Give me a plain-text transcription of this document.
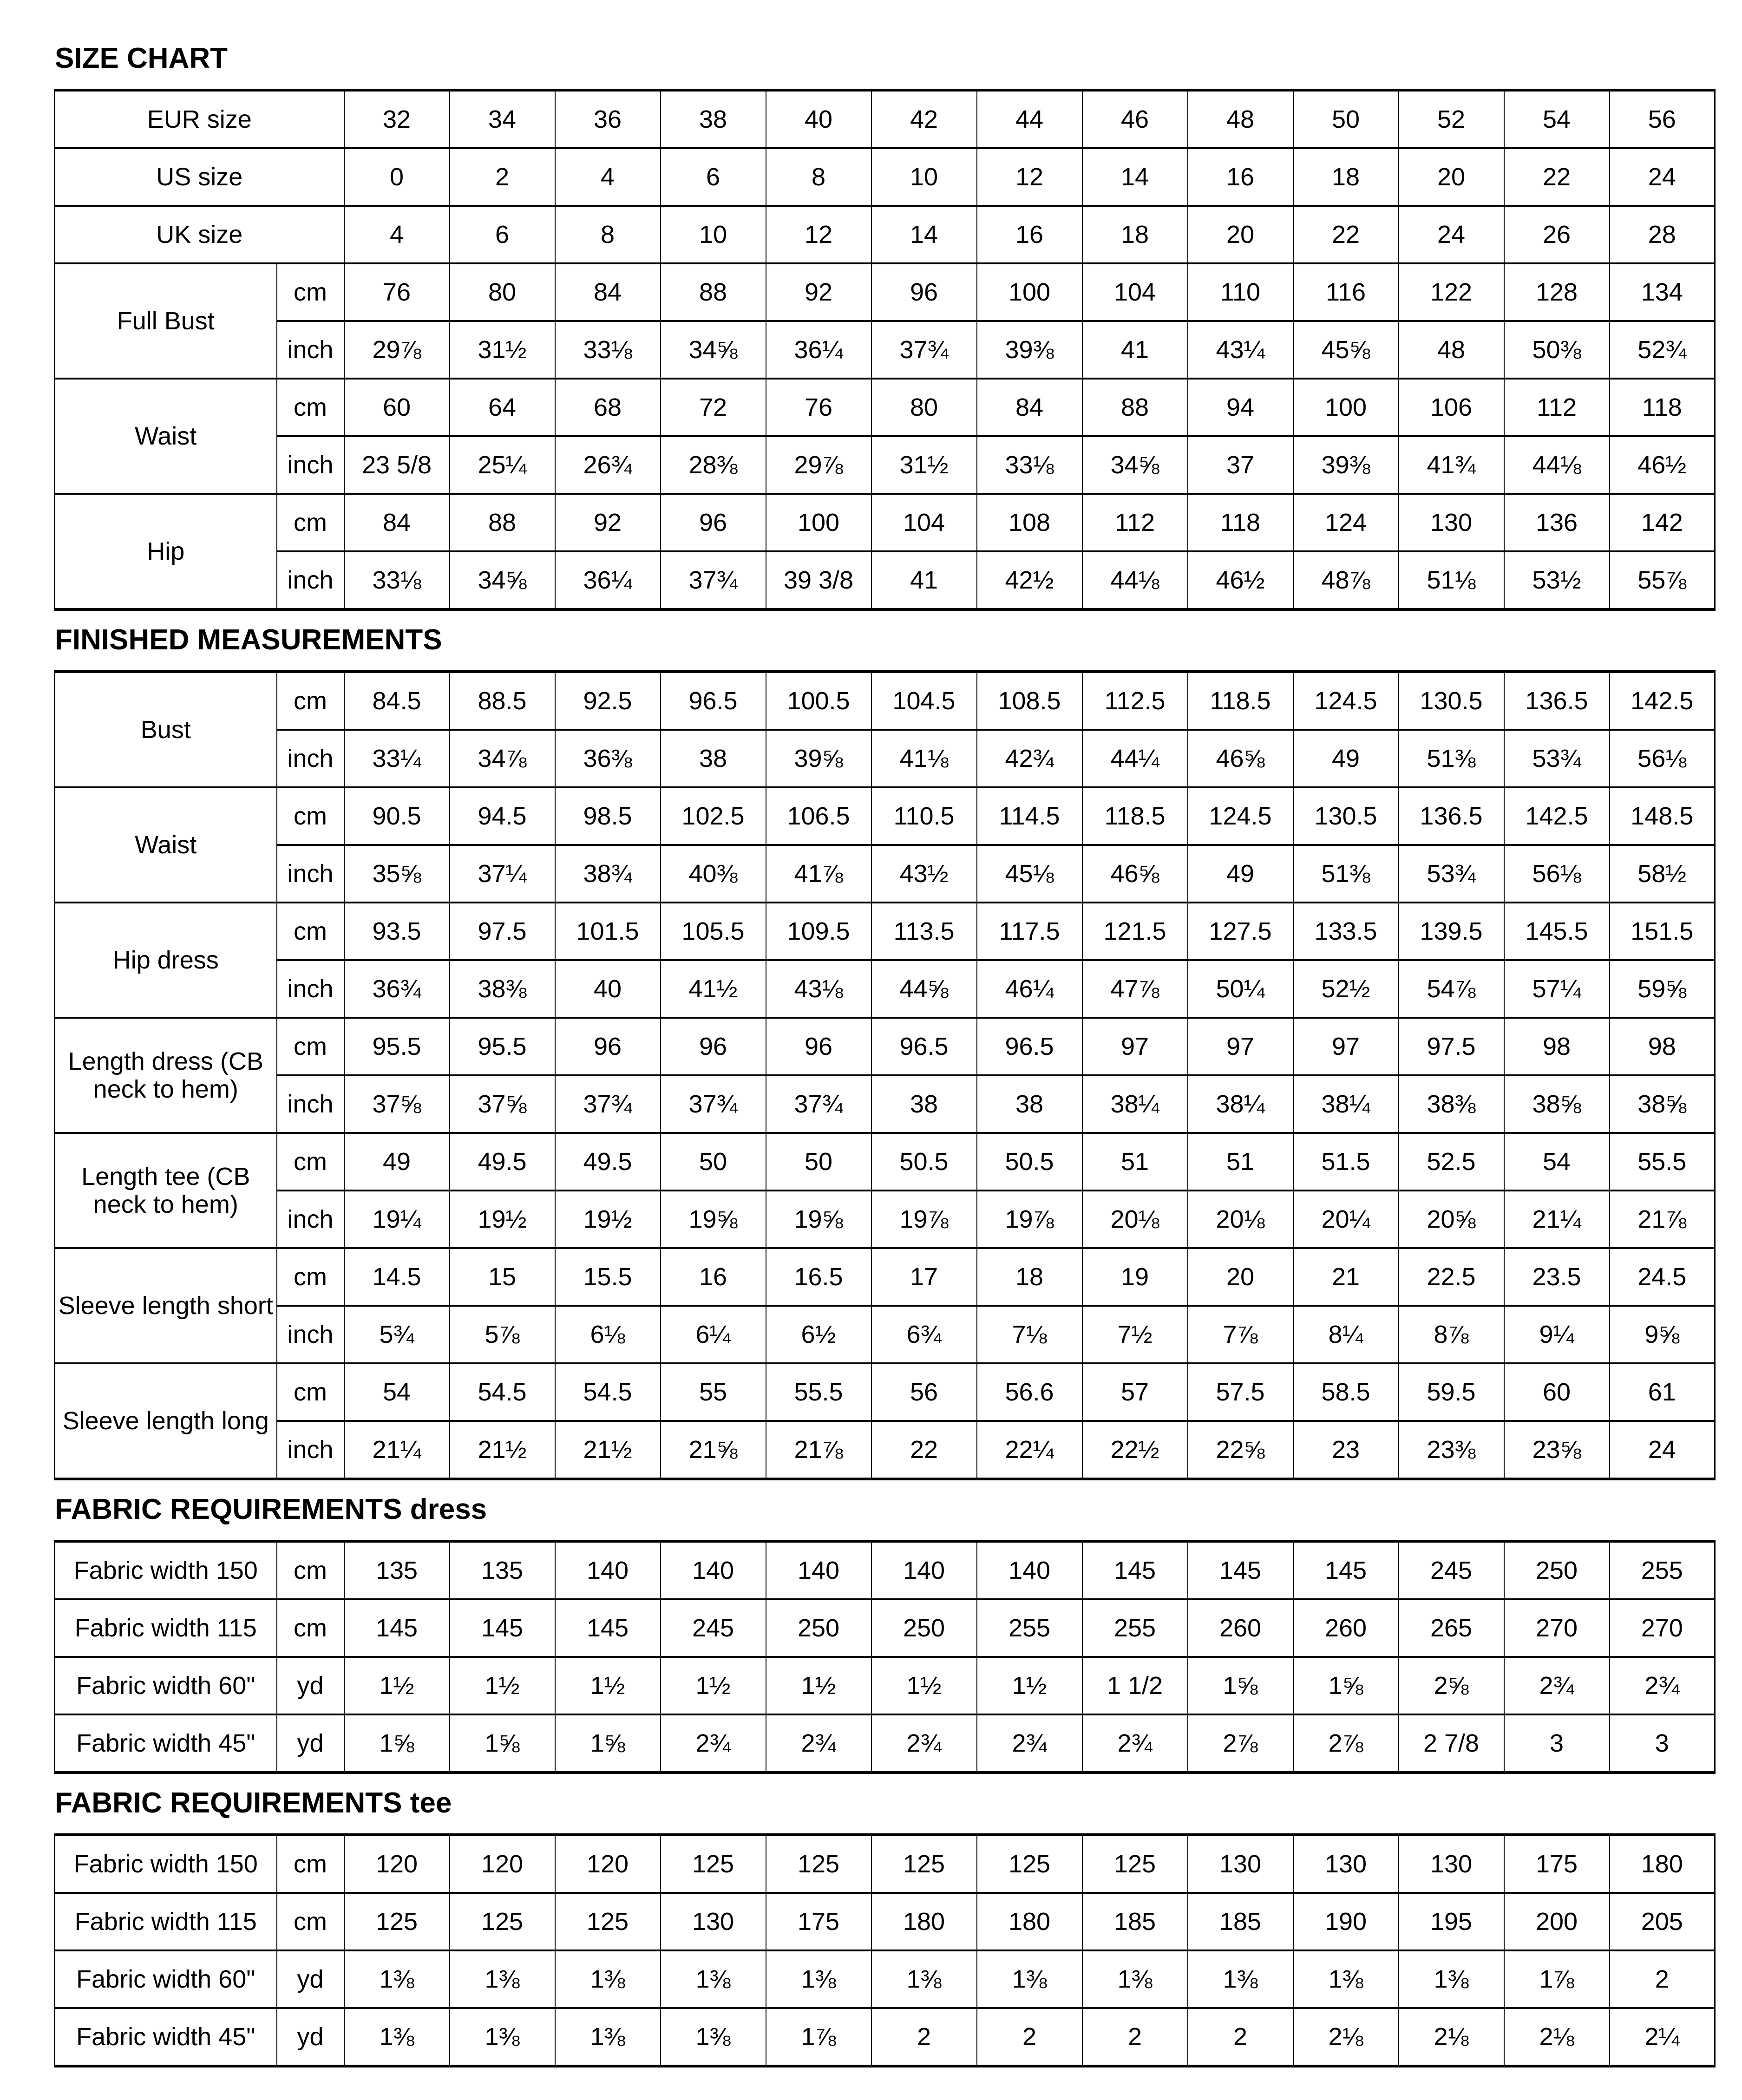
SIZE CHART
EUR size		32	34	36	38	40	42	44	46	48	50	52	54	56
US size		0	2	4	6	8	10	12	14	16	18	20	22	24
UK size		4	6	8	10	12	14	16	18	20	22	24	26	28
Full Bust	cm	76	80	84	88	92	96	100	104	110	116	122	128	134
	inch	29⅞	31½	33⅛	34⅝	36¼	37¾	39⅜	41	43¼	45⅝	48	50⅜	52¾
Waist	cm	60	64	68	72	76	80	84	88	94	100	106	112	118
	inch	23 5/8	25¼	26¾	28⅜	29⅞	31½	33⅛	34⅝	37	39⅜	41¾	44⅛	46½
Hip	cm	84	88	92	96	100	104	108	112	118	124	130	136	142
	inch	33⅛	34⅝	36¼	37¾	39 3/8	41	42½	44⅛	46½	48⅞	51⅛	53½	55⅞
FINISHED MEASUREMENTS
Bust	cm	84.5	88.5	92.5	96.5	100.5	104.5	108.5	112.5	118.5	124.5	130.5	136.5	142.5
	inch	33¼	34⅞	36⅜	38	39⅝	41⅛	42¾	44¼	46⅝	49	51⅜	53¾	56⅛
Waist	cm	90.5	94.5	98.5	102.5	106.5	110.5	114.5	118.5	124.5	130.5	136.5	142.5	148.5
	inch	35⅝	37¼	38¾	40⅜	41⅞	43½	45⅛	46⅝	49	51⅜	53¾	56⅛	58½
Hip dress	cm	93.5	97.5	101.5	105.5	109.5	113.5	117.5	121.5	127.5	133.5	139.5	145.5	151.5
	inch	36¾	38⅜	40	41½	43⅛	44⅝	46¼	47⅞	50¼	52½	54⅞	57¼	59⅝
Length dress (CB neck to hem)	cm	95.5	95.5	96	96	96	96.5	96.5	97	97	97	97.5	98	98
	inch	37⅝	37⅝	37¾	37¾	37¾	38	38	38¼	38¼	38¼	38⅜	38⅝	38⅝
Length tee (CB neck to hem)	cm	49	49.5	49.5	50	50	50.5	50.5	51	51	51.5	52.5	54	55.5
	inch	19¼	19½	19½	19⅝	19⅝	19⅞	19⅞	20⅛	20⅛	20¼	20⅝	21¼	21⅞
Sleeve length short	cm	14.5	15	15.5	16	16.5	17	18	19	20	21	22.5	23.5	24.5
	inch	5¾	5⅞	6⅛	6¼	6½	6¾	7⅛	7½	7⅞	8¼	8⅞	9¼	9⅝
Sleeve length long	cm	54	54.5	54.5	55	55.5	56	56.6	57	57.5	58.5	59.5	60	61
	inch	21¼	21½	21½	21⅝	21⅞	22	22¼	22½	22⅝	23	23⅜	23⅝	24
FABRIC REQUIREMENTS dress
Fabric width 150	cm	135	135	140	140	140	140	140	145	145	145	245	250	255
Fabric width 115	cm	145	145	145	245	250	250	255	255	260	260	265	270	270
Fabric width 60"	yd	1½	1½	1½	1½	1½	1½	1½	1 1/2	1⅝	1⅝	2⅝	2¾	2¾
Fabric width 45"	yd	1⅝	1⅝	1⅝	2¾	2¾	2¾	2¾	2¾	2⅞	2⅞	2 7/8	3	3
FABRIC REQUIREMENTS tee
Fabric width 150	cm	120	120	120	125	125	125	125	125	130	130	130	175	180
Fabric width 115	cm	125	125	125	130	175	180	180	185	185	190	195	200	205
Fabric width 60"	yd	1⅜	1⅜	1⅜	1⅜	1⅜	1⅜	1⅜	1⅜	1⅜	1⅜	1⅜	1⅞	2
Fabric width 45"	yd	1⅜	1⅜	1⅜	1⅜	1⅞	2	2	2	2	2⅛	2⅛	2⅛	2¼
